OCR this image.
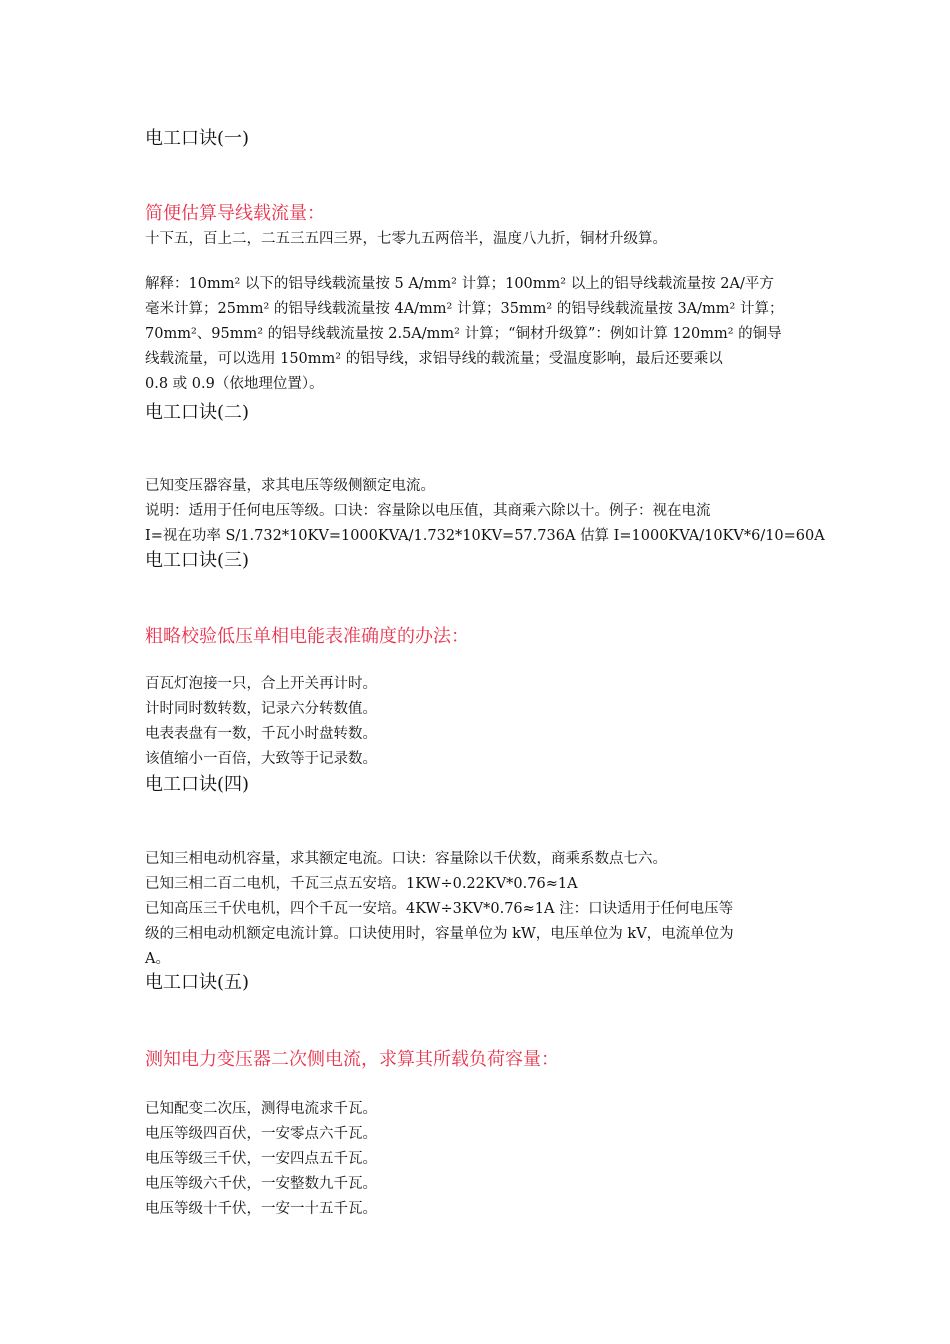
电工口诀(一)
简便估算导线载流量：
十下五，百上二，二五三五四三界，七零九五两倍半，温度八九折，铜材升级算。
解释：10mm² 以下的铝导线载流量按 5 A/mm² 计算；100mm² 以上的铝导线载流量按 2A/平方
毫米计算；25mm² 的铝导线载流量按 4A/mm² 计算；35mm² 的铝导线载流量按 3A/mm² 计算；
70mm²、95mm² 的铝导线载流量按 2.5A/mm² 计算；“铜材升级算”：例如计算 120mm² 的铜导
线载流量，可以选用 150mm² 的铝导线，求铝导线的载流量；受温度影响，最后还要乘以
0.8 或 0.9（依地理位置）。
电工口诀(二)
已知变压器容量，求其电压等级侧额定电流。
说明：适用于任何电压等级。口诀：容量除以电压值，其商乘六除以十。例子：视在电流
I=视在功率 S/1.732*10KV=1000KVA/1.732*10KV=57.736A 估算 I=1000KVA/10KV*6/10=60A
电工口诀(三)
粗略校验低压单相电能表准确度的办法：
百瓦灯泡接一只，合上开关再计时。
计时同时数转数，记录六分转数值。
电表表盘有一数，千瓦小时盘转数。
该值缩小一百倍，大致等于记录数。
电工口诀(四)
已知三相电动机容量，求其额定电流。口诀：容量除以千伏数，商乘系数点七六。
已知三相二百二电机，千瓦三点五安培。1KW÷0.22KV*0.76≈1A
已知高压三千伏电机，四个千瓦一安培。4KW÷3KV*0.76≈1A 注：口诀适用于任何电压等
级的三相电动机额定电流计算。口诀使用时，容量单位为 kW，电压单位为 kV，电流单位为
A。
电工口诀(五)
测知电力变压器二次侧电流，求算其所载负荷容量：
已知配变二次压，测得电流求千瓦。
电压等级四百伏，一安零点六千瓦。
电压等级三千伏，一安四点五千瓦。
电压等级六千伏，一安整数九千瓦。
电压等级十千伏，一安一十五千瓦。
